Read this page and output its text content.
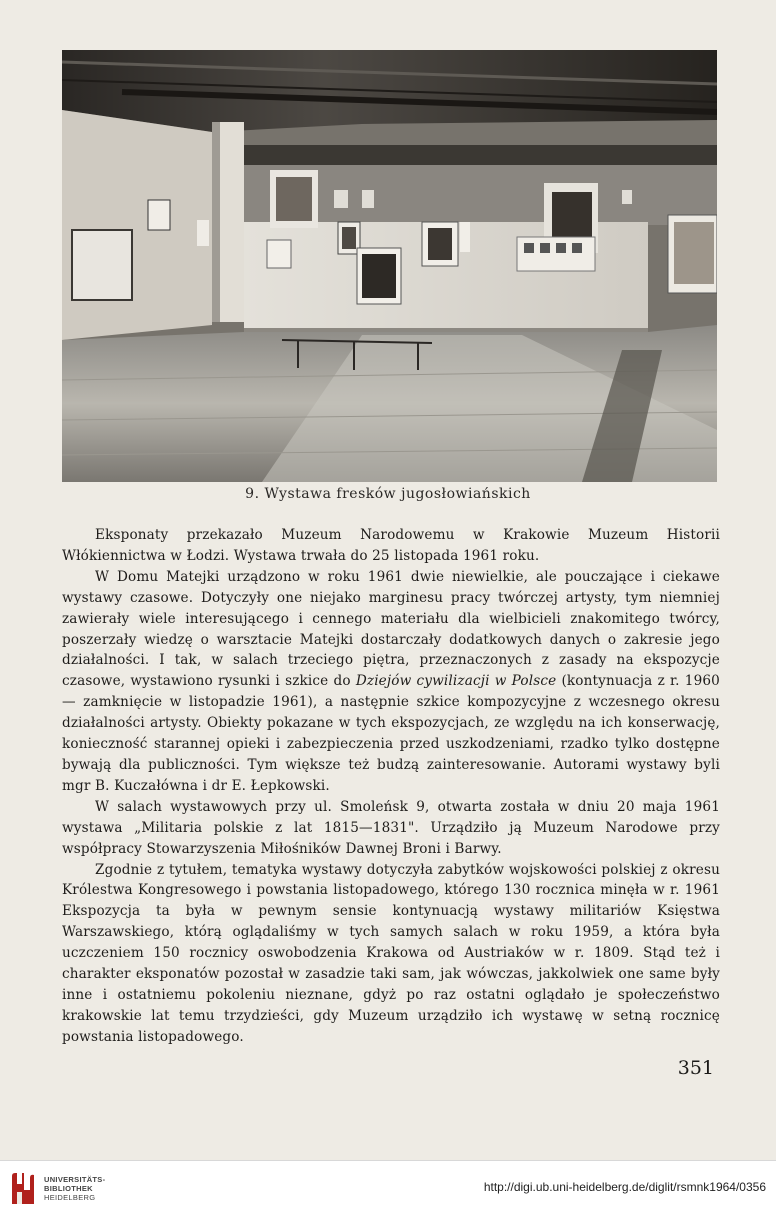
9. Wystawa fresków jugosłowiańskich

Eksponaty przekazało Muzeum Narodowemu w Krakowie Muzeum Historii Włókiennictwa w Łodzi. Wystawa trwała do 25 listopada 1961 roku.

W Domu Matejki urządzono w roku 1961 dwie niewielkie, ale pouczające i ciekawe wystawy czasowe. Dotyczyły one niejako marginesu pracy twórczej artysty, tym niemniej zawierały wiele interesującego i cennego materiału dla wielbicieli znakomitego twórcy, poszerzały wiedzę o warsztacie Matejki dostarczały dodatkowych danych o zakresie jego działalności. I tak, w salach trzeciego piętra, przeznaczonych z zasady na ekspozycje czasowe, wystawiono rysunki i szkice do Dziejów cywilizacji w Polsce (kontynuacja z r. 1960 — zamknięcie w listopadzie 1961), a następnie szkice kompozycyjne z wczesnego okresu działalności artysty. Obiekty pokazane w tych ekspozycjach, ze względu na ich konserwację, konieczność starannej opieki i zabezpieczenia przed uszkodzeniami, rzadko tylko dostępne bywają dla publiczności. Tym większe też budzą zainteresowanie. Autorami wystawy byli mgr B. Kuczałówna i dr E. Łepkowski.

W salach wystawowych przy ul. Smoleńsk 9, otwarta została w dniu 20 maja 1961 wystawa „Militaria polskie z lat 1815—1831". Urządziło ją Muzeum Narodowe przy współpracy Stowarzyszenia Miłośników Dawnej Broni i Barwy.

Zgodnie z tytułem, tematyka wystawy dotyczyła zabytków wojskowości polskiej z okresu Królestwa Kongresowego i powstania listopadowego, którego 130 rocznica minęła w r. 1961 Ekspozycja ta była w pewnym sensie kontynuacją wystawy militariów Księstwa Warszawskiego, którą oglądaliśmy w tych samych salach w roku 1959, a która była uczczeniem 150 rocznicy oswobodzenia Krakowa od Austriaków w r. 1809. Stąd też i charakter eksponatów pozostał w zasadzie taki sam, jak wówczas, jakkolwiek one same były inne i ostatniemu pokoleniu nieznane, gdyż po raz ostatni oglądało je społeczeństwo krakowskie lat temu trzydzieści, gdy Muzeum urządziło ich wystawę w setną rocznicę powstania listopadowego.

351
UNIVERSITÄTS-
BIBLIOTHEK
HEIDELBERG
http://digi.ub.uni-heidelberg.de/diglit/rsmnk1964/0356
